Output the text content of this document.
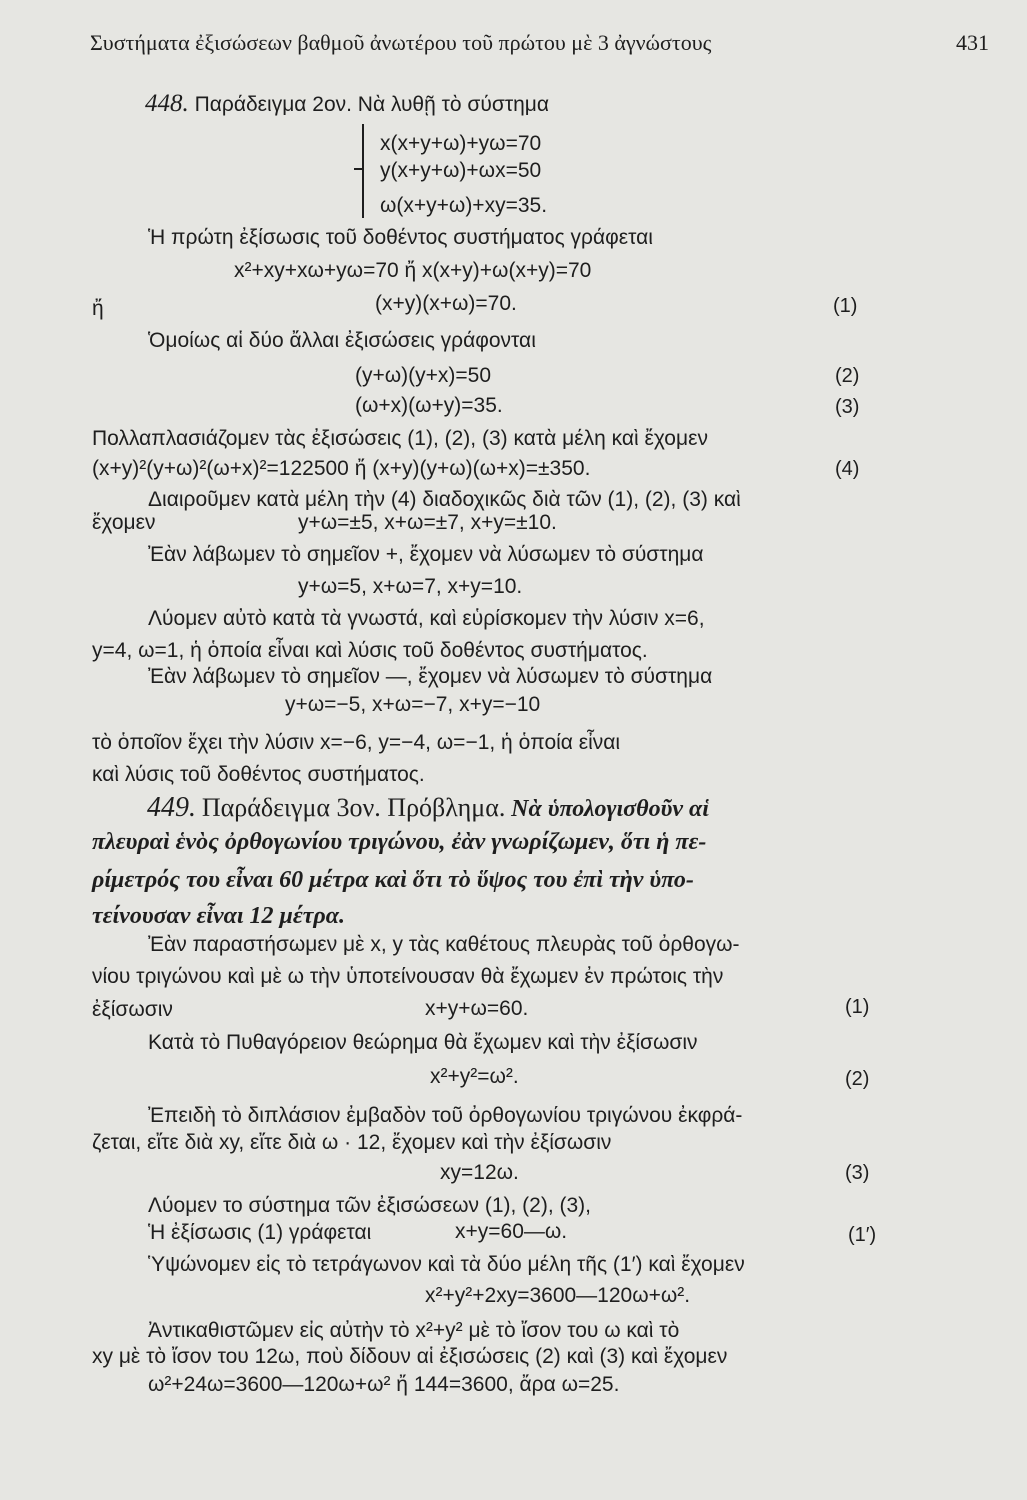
Συστήματα ἐξισώσεων βαθμοῦ ἀνωτέρου τοῦ πρώτου μὲ 3 ἀγνώστους	431
448. Παράδειγμα 2ον. Νὰ λυθῇ τὸ σύστημα
x(x+y+ω)+yω=70
y(x+y+ω)+ωx=50
ω(x+y+ω)+xy=35.
Ἡ πρώτη ἐξίσωσις τοῦ δοθέντος συστήματος γράφεται
x²+xy+xω+yω=70 ἤ x(x+y)+ω(x+y)=70
ἤ	(x+y)(x+ω)=70.	(1)
Ὁμοίως αἱ δύο ἄλλαι ἐξισώσεις γράφονται
(y+ω)(y+x)=50	(2)
(ω+x)(ω+y)=35.	(3)
Πολλαπλασιάζομεν τὰς ἐξισώσεις (1), (2), (3) κατὰ μέλη καὶ ἔχομεν
(x+y)²(y+ω)²(ω+x)²=122500 ἤ (x+y)(y+ω)(ω+x)=±350.	(4)
Διαιροῦμεν κατὰ μέλη τὴν (4) διαδοχικῶς διὰ τῶν (1), (2), (3) καὶ
ἔχομεν	y+ω=±5, x+ω=±7, x+y=±10.
Ἐὰν λάβωμεν τὸ σημεῖον +, ἔχομεν νὰ λύσωμεν τὸ σύστημα
y+ω=5, x+ω=7, x+y=10.
Λύομεν αὐτὸ κατὰ τὰ γνωστά, καὶ εὑρίσκομεν τὴν λύσιν x=6,
y=4, ω=1, ἡ ὁποία εἶναι καὶ λύσις τοῦ δοθέντος συστήματος.
Ἐὰν λάβωμεν τὸ σημεῖον —, ἔχομεν νὰ λύσωμεν τὸ σύστημα
y+ω=−5, x+ω=−7, x+y=−10
τὸ ὁποῖον ἔχει τὴν λύσιν x=−6, y=−4, ω=−1, ἡ ὁποία εἶναι
καὶ λύσις τοῦ δοθέντος συστήματος.
449. Παράδειγμα 3ον. Πρόβλημα. Νὰ ὑπολογισθοῦν αἱ
πλευραὶ ἑνὸς ὀρθογωνίου τριγώνου, ἐὰν γνωρίζωμεν, ὅτι ἡ πε-
ρίμετρός του εἶναι 60 μέτρα καὶ ὅτι τὸ ὕψος του ἐπὶ τὴν ὑπο-
τείνουσαν εἶναι 12 μέτρα.
Ἐὰν παραστήσωμεν μὲ x, y τὰς καθέτους πλευρὰς τοῦ ὀρθογω-
νίου τριγώνου καὶ μὲ ω τὴν ὑποτείνουσαν θὰ ἔχωμεν ἐν πρώτοις τὴν
ἐξίσωσιν	x+y+ω=60.	(1)
Κατὰ τὸ Πυθαγόρειον θεώρημα θὰ ἔχωμεν καὶ τὴν ἐξίσωσιν
x²+y²=ω².	(2)
Ἐπειδὴ τὸ διπλάσιον ἐμβαδὸν τοῦ ὀρθογωνίου τριγώνου ἐκφρά-
ζεται, εἴτε διὰ xy, εἴτε διὰ ω · 12, ἔχομεν καὶ τὴν ἐξίσωσιν
xy=12ω.	(3)
Λύομεν το σύστημα τῶν ἐξισώσεων (1), (2), (3),
Ἡ ἐξίσωσις (1) γράφεται	x+y=60—ω.	(1′)
Ὑψώνομεν εἰς τὸ τετράγωνον καὶ τὰ δύο μέλη τῆς (1′) καὶ ἔχομεν
x²+y²+2xy=3600—120ω+ω².
Ἀντικαθιστῶμεν εἰς αὐτὴν τὸ x²+y² μὲ τὸ ἴσον του ω καὶ τὸ
xy μὲ τὸ ἴσον του 12ω, ποὺ δίδουν αἱ ἐξισώσεις (2) καὶ (3) καὶ ἔχομεν
ω²+24ω=3600—120ω+ω² ἤ 144=3600, ἄρα ω=25.
